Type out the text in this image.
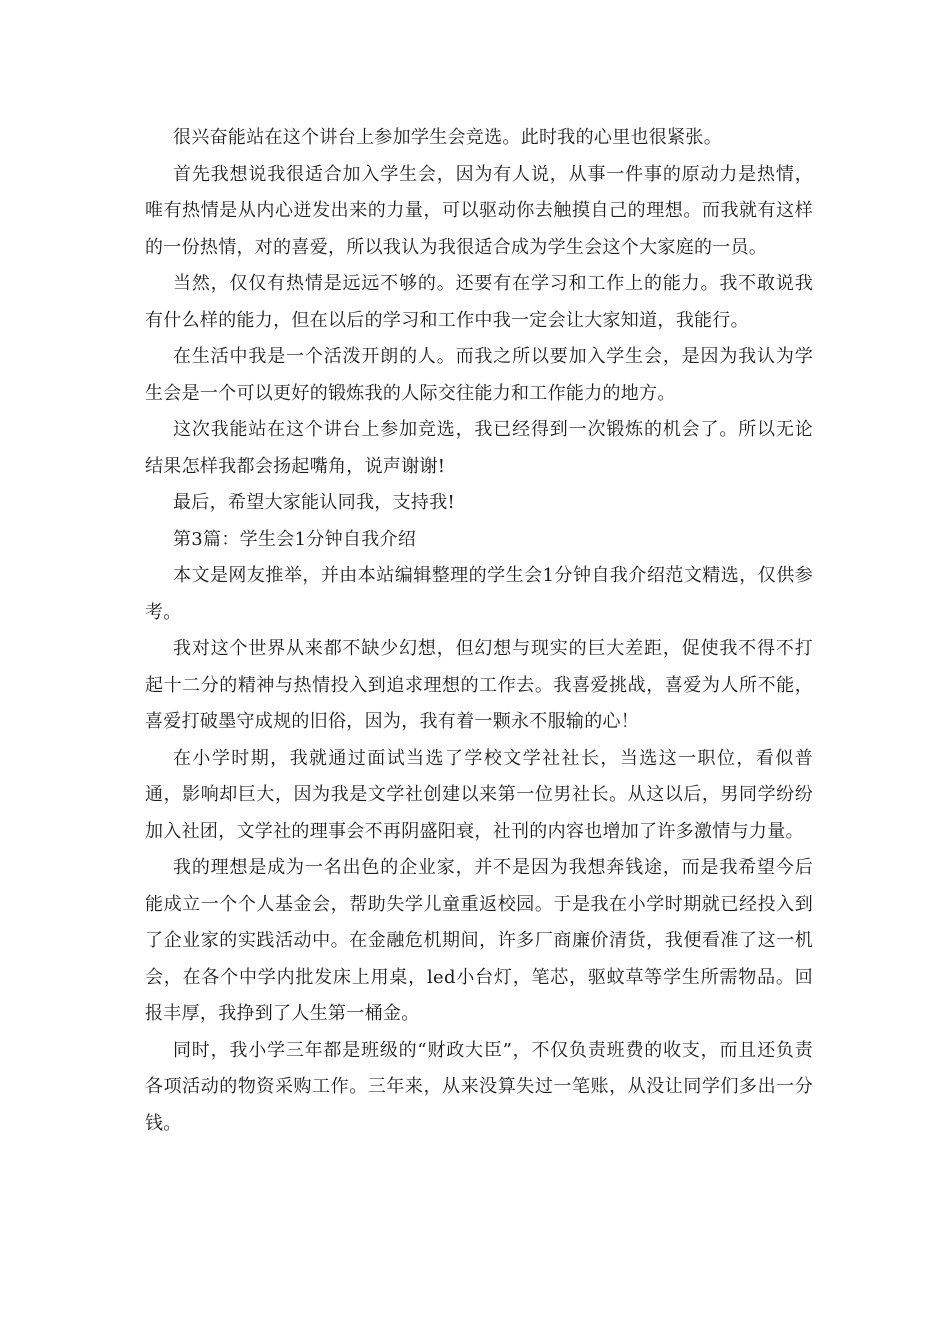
很兴奋能站在这个讲台上参加学生会竞选。此时我的心里也很紧张。

首先我想说我很适合加入学生会，因为有人说，从事一件事的原动力是热情，唯有热情是从内心迸发出来的力量，可以驱动你去触摸自己的理想。而我就有这样的一份热情，对的喜爱，所以我认为我很适合成为学生会这个大家庭的一员。

当然，仅仅有热情是远远不够的。还要有在学习和工作上的能力。我不敢说我有什么样的能力，但在以后的学习和工作中我一定会让大家知道，我能行。

在生活中我是一个活泼开朗的人。而我之所以要加入学生会，是因为我认为学生会是一个可以更好的锻炼我的人际交往能力和工作能力的地方。

这次我能站在这个讲台上参加竞选，我已经得到一次锻炼的机会了。所以无论结果怎样我都会扬起嘴角，说声谢谢!

最后，希望大家能认同我，支持我!

第3篇：学生会1分钟自我介绍

本文是网友推举，并由本站编辑整理的学生会1分钟自我介绍范文精选，仅供参考。

我对这个世界从来都不缺少幻想，但幻想与现实的巨大差距，促使我不得不打起十二分的精神与热情投入到追求理想的工作去。我喜爱挑战，喜爱为人所不能，喜爱打破墨守成规的旧俗，因为，我有着一颗永不服输的心！

在小学时期，我就通过面试当选了学校文学社社长，当选这一职位，看似普通，影响却巨大，因为我是文学社创建以来第一位男社长。从这以后，男同学纷纷加入社团，文学社的理事会不再阴盛阳衰，社刊的内容也增加了许多激情与力量。

我的理想是成为一名出色的企业家，并不是因为我想奔钱途，而是我希望今后能成立一个个人基金会，帮助失学儿童重返校园。于是我在小学时期就已经投入到了企业家的实践活动中。在金融危机期间，许多厂商廉价清货，我便看准了这一机会，在各个中学内批发床上用桌，led小台灯，笔芯，驱蚊草等学生所需物品。回报丰厚，我挣到了人生第一桶金。

同时，我小学三年都是班级的“财政大臣”，不仅负责班费的收支，而且还负责各项活动的物资采购工作。三年来，从来没算失过一笔账，从没让同学们多出一分钱。
